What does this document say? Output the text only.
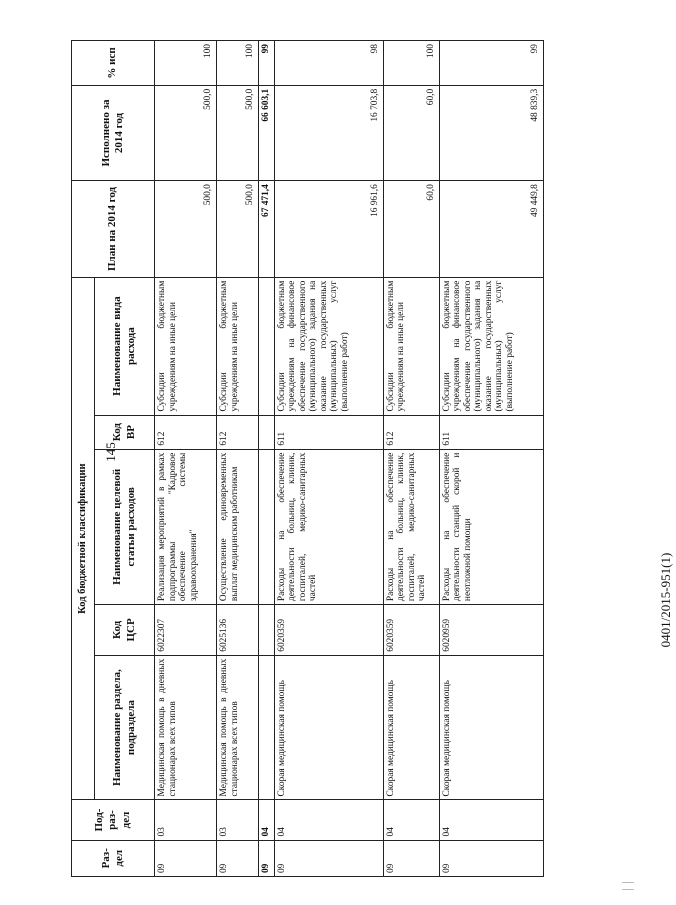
145
0401/2015-951(1)
Раз-дел	Под-раз-дел	Код бюджетной классификации					План на 2014 год	Исполнено за 2014 год	% исп
		Наименование раздела, подраздела	Код ЦСР	Наименование целевой статьи расходов	Код ВР	Наименование вида расхода			
09	03	Медицинская помощь в дневных стационарах всех типов	6022307	Реализация мероприятий в рамках подпрограммы "Кадровое обеспечение системы здравоохранения"	612	Субсидии бюджетным учреждениям на иные цели	500,0	500,0	100
09	03	Медицинская помощь в дневных стационарах всех типов	6025136	Осуществление единовременных выплат медицинским работникам	612	Субсидии бюджетным учреждениям на иные цели	500,0	500,0	100
09	04						67 471,4	66 603,1	99
09	04	Скорая медицинская помощь	6020359	Расходы на обеспечение деятельности больниц, клиник, госпиталей, медико-санитарных частей	611	Субсидии бюджетным учреждениям на финансовое обеспечение государственного (муниципального) задания на оказание государственных (муниципальных) услуг (выполнение работ)	16 961,6	16 703,8	98
09	04	Скорая медицинская помощь	6020359	Расходы на обеспечение деятельности больниц, клиник, госпиталей, медико-санитарных частей	612	Субсидии бюджетным учреждениям на иные цели	60,0	60,0	100
09	04	Скорая медицинская помощь	6020959	Расходы на обеспечение деятельности станций скорой и неотложной помощи	611	Субсидии бюджетным учреждениям на финансовое обеспечение государственного (муниципального) задания на оказание государственных (муниципальных) услуг (выполнение работ)	49 449,8	48 839,3	99
